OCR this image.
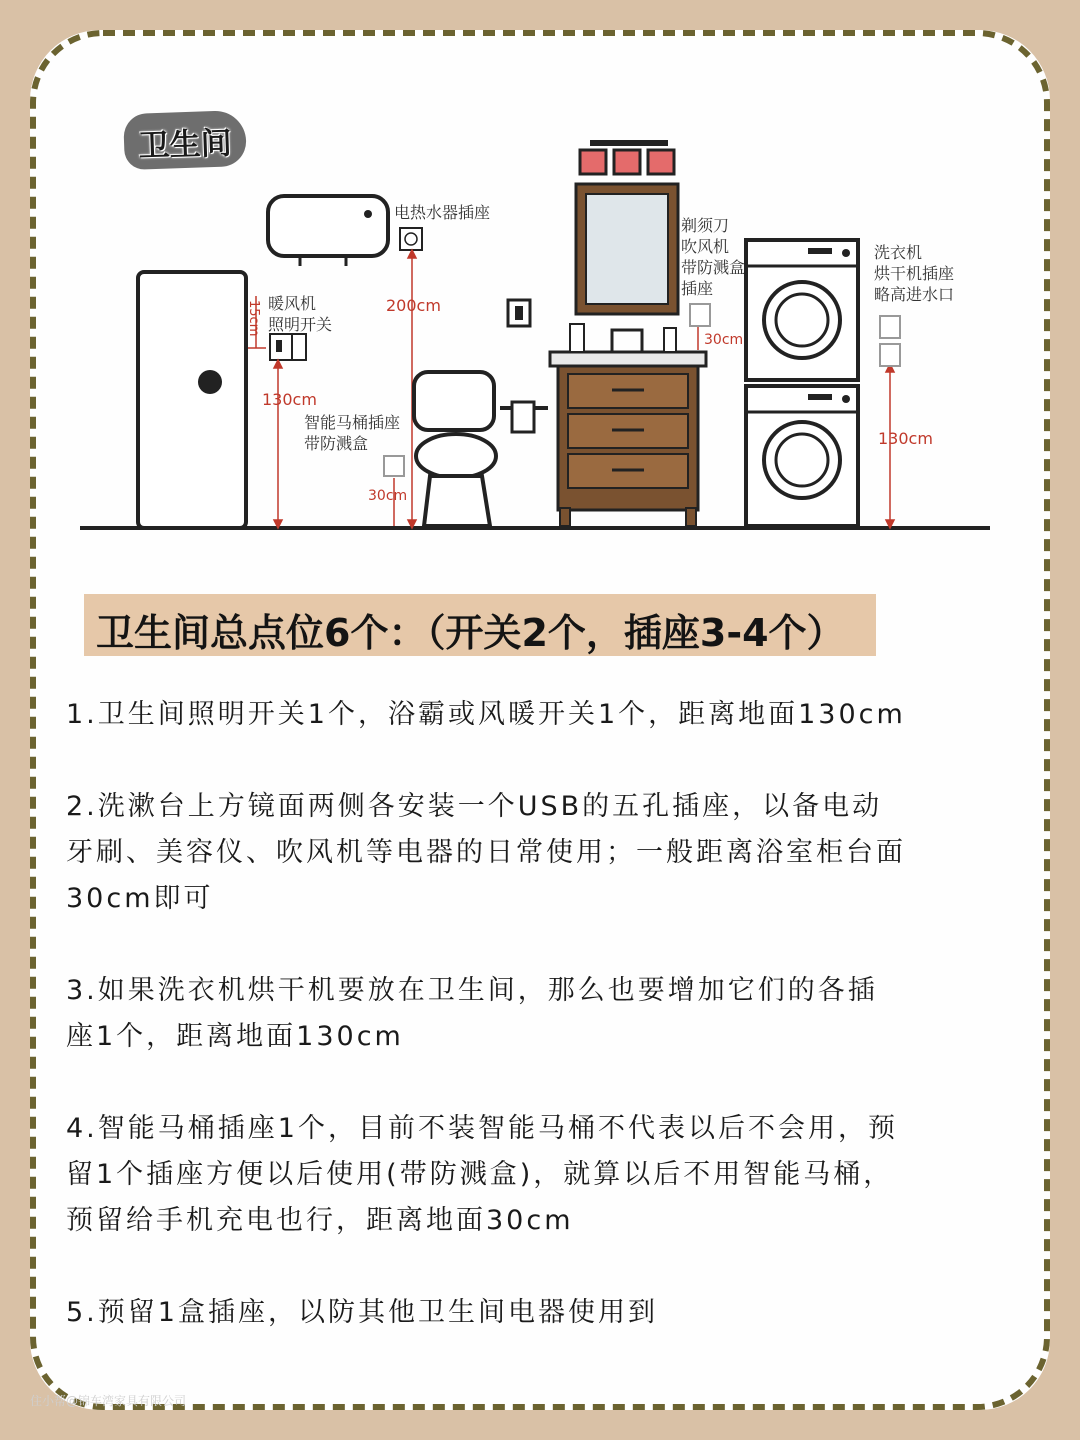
卫生间
电热水器插座
暖风机
照明开关
智能马桶插座
带防溅盒
剃须刀
吹风机
带防溅盒
插座
洗衣机
烘干机插座
略高进水口
15cm
130cm
200cm
30cm
30cm
130cm
卫生间总点位6个：（开关2个，插座3-4个）
1.卫生间照明开关1个，浴霸或风暖开关1个，距离地面130cm
2.洗漱台上方镜面两侧各安装一个USB的五孔插座，以备电动
牙刷、美容仪、吹风机等电器的日常使用；一般距离浴室柜台面
30cm即可
3.如果洗衣机烘干机要放在卫生间，那么也要增加它们的各插
座1个，距离地面130cm
4.智能马桶插座1个，目前不装智能马桶不代表以后不会用，预
留1个插座方便以后使用(带防溅盒)，就算以后不用智能马桶，
预留给手机充电也行，距离地面30cm
5.预留1盒插座，以防其他卫生间电器使用到
住小帮@锦车湾家具有限公司
